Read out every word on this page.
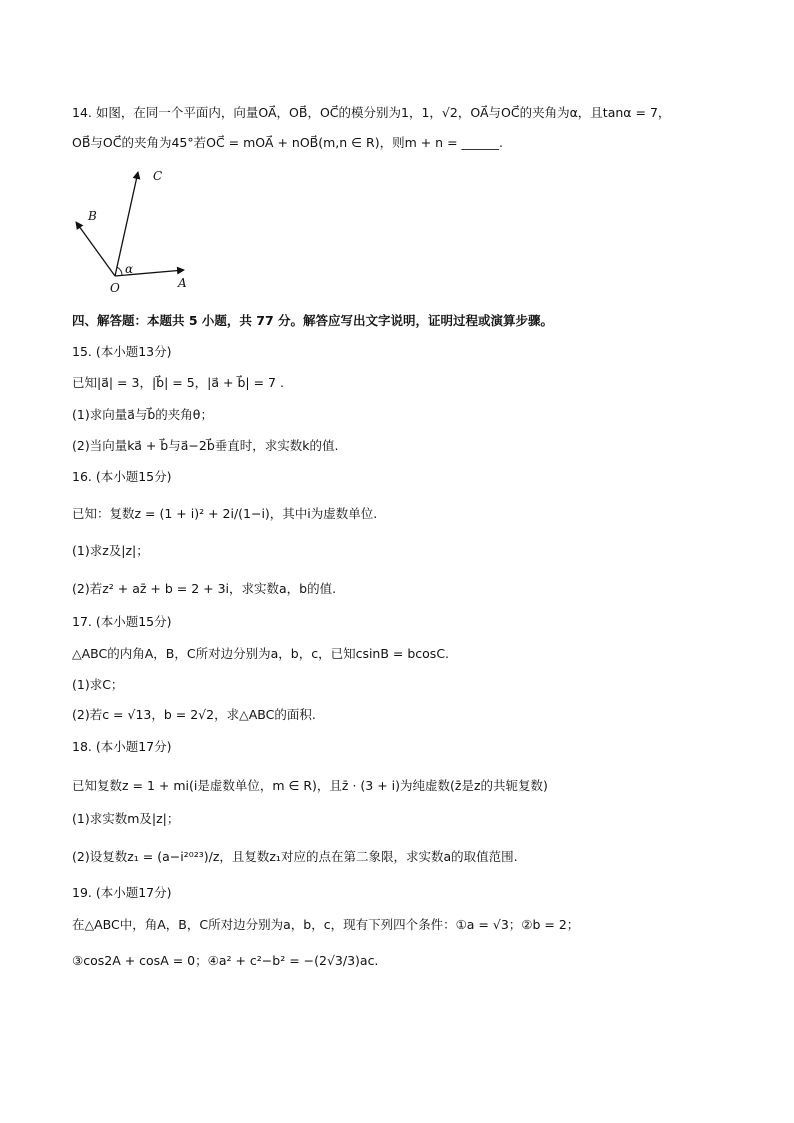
14. 如图，在同一个平面内，向量OA⃗，OB⃗，OC⃗的模分别为1，1，√2，OA⃗与OC⃗的夹角为α，且tanα = 7，
OB⃗与OC⃗的夹角为45°若OC⃗ = mOA⃗ + nOB⃗(m,n ∈ R)，则m + n = ______.
C
B
α
O	A
四、解答题：本题共 5 小题，共 77 分。解答应写出文字说明，证明过程或演算步骤。
15. (本小题13分)
已知|a⃗| = 3，|b⃗| = 5，|a⃗ + b⃗| = 7 .
(1)求向量a⃗与b⃗的夹角θ；
(2)当向量ka⃗ + b⃗与a⃗−2b⃗垂直时，求实数k的值.
16. (本小题15分)
已知：复数z = (1 + i)² + 2i/(1−i)，其中i为虚数单位.
(1)求z及|z|；
(2)若z² + az̄ + b = 2 + 3i，求实数a，b的值.
17. (本小题15分)
△ABC的内角A，B，C所对边分别为a，b，c，已知csinB = bcosC.
(1)求C；
(2)若c = √13，b = 2√2，求△ABC的面积.
18. (本小题17分)
已知复数z = 1 + mi(i是虚数单位，m ∈ R)，且z̄ · (3 + i)为纯虚数(z̄是z的共轭复数)
(1)求实数m及|z|；
(2)设复数z₁ = (a−i²⁰²³)/z，且复数z₁对应的点在第二象限，求实数a的取值范围.
19. (本小题17分)
在△ABC中，角A，B，C所对边分别为a，b，c，现有下列四个条件：①a = √3；②b = 2；
③cos2A + cosA = 0；④a² + c²−b² = −(2√3/3)ac.
